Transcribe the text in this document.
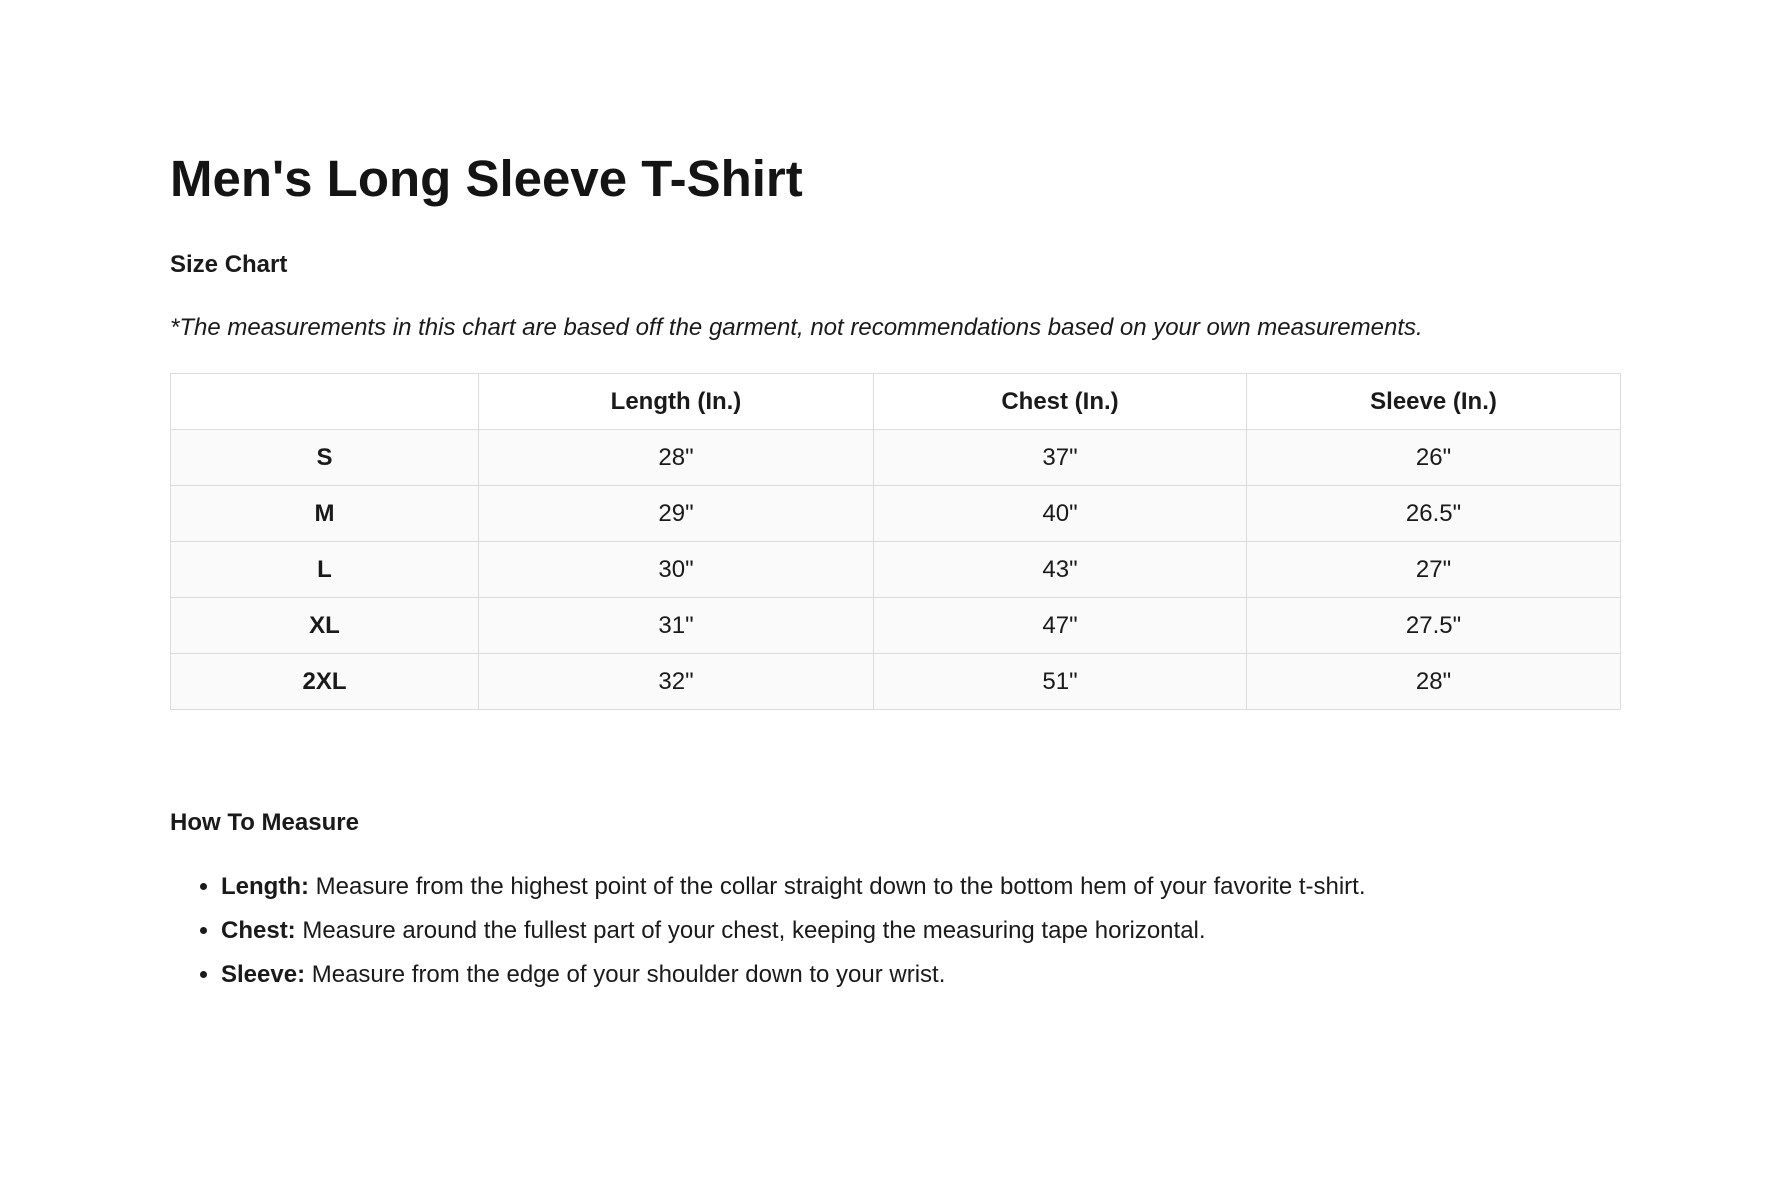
Men's Long Sleeve T-Shirt
Size Chart

*The measurements in this chart are based off the garment, not recommendations based on your own measurements.

	Length (In.)	Chest (In.)	Sleeve (In.)
S	28"	37"	26"
M	29"	40"	26.5"
L	30"	43"	27"
XL	31"	47"	27.5"
2XL	32"	51"	28"
How To Measure
• Length: Measure from the highest point of the collar straight down to the bottom hem of your favorite t-shirt.
• Chest: Measure around the fullest part of your chest, keeping the measuring tape horizontal.
• Sleeve: Measure from the edge of your shoulder down to your wrist.
